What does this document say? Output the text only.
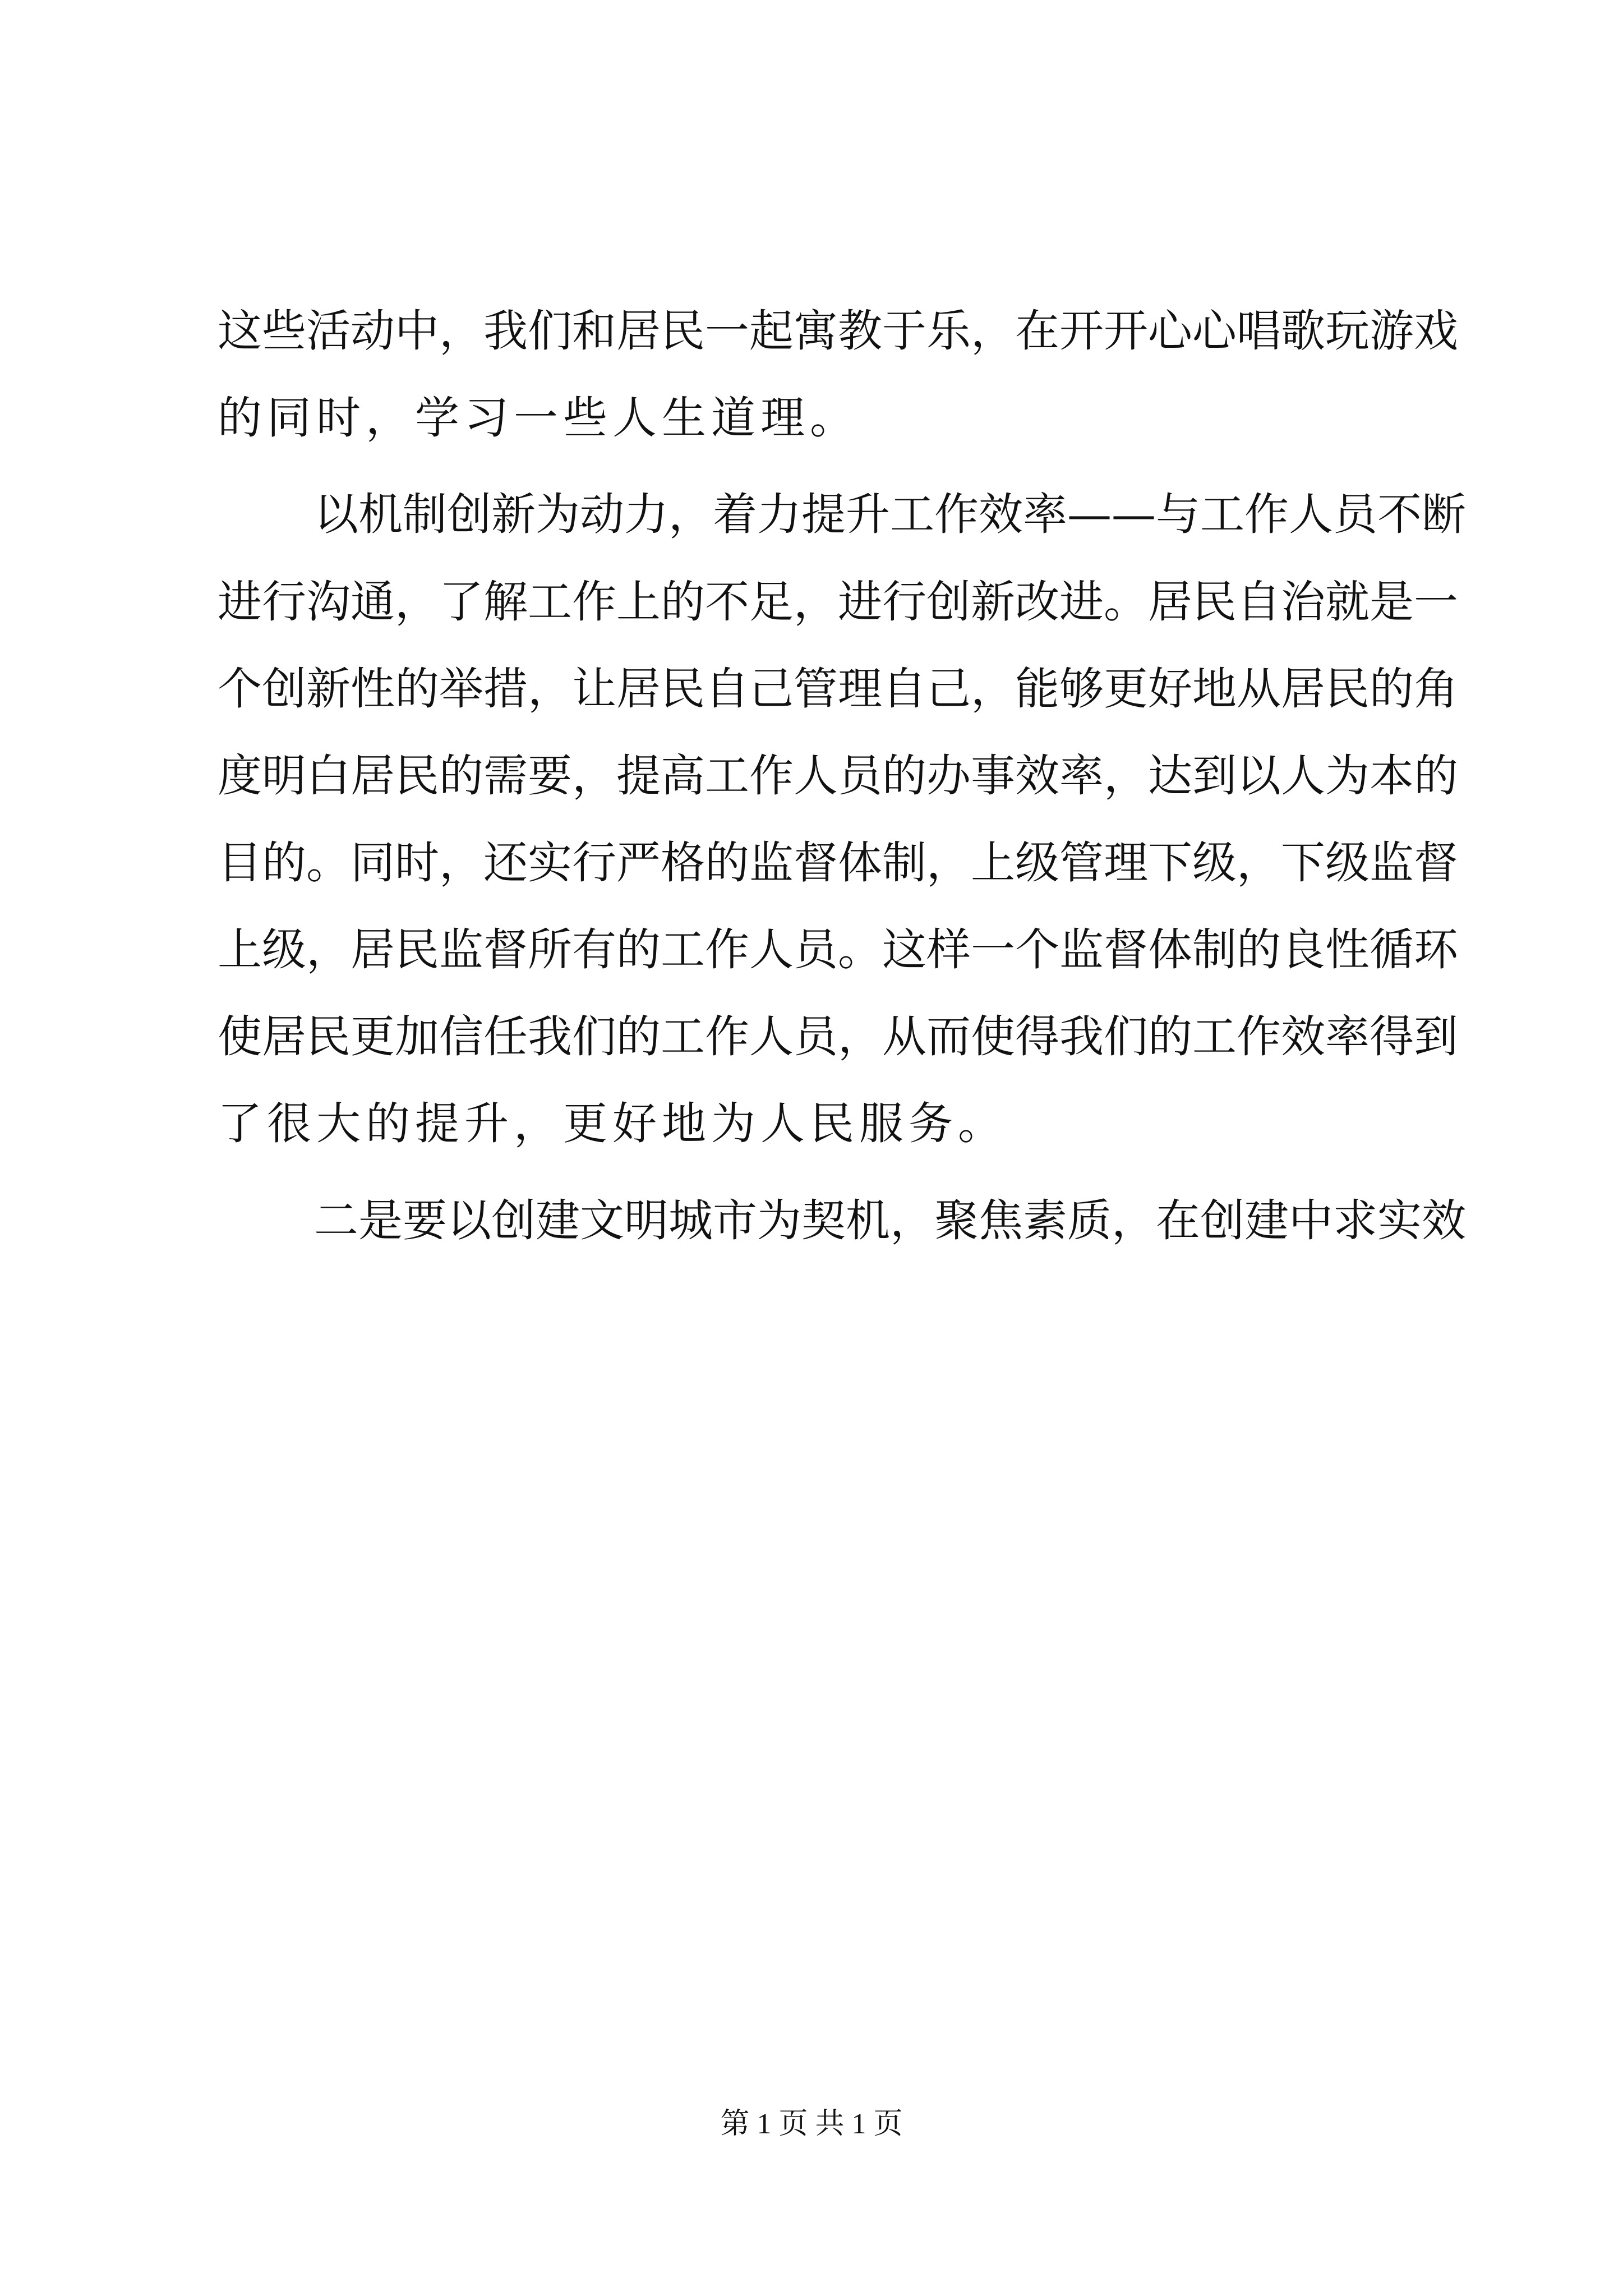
这些活动中，我们和居民一起寓教于乐，在开开心心唱歌玩游戏
的同时，学习一些人生道理。
以机制创新为动力，着力提升工作效率——与工作人员不断
进行沟通，了解工作上的不足，进行创新改进。居民自治就是一
个创新性的举措，让居民自己管理自己，能够更好地从居民的角
度明白居民的需要，提高工作人员的办事效率，达到以人为本的
目的。同时，还实行严格的监督体制，上级管理下级，下级监督
上级，居民监督所有的工作人员。这样一个监督体制的良性循环
使居民更加信任我们的工作人员，从而使得我们的工作效率得到
了很大的提升，更好地为人民服务。
二是要以创建文明城市为契机，聚焦素质，在创建中求实效
第 1 页 共 1 页
